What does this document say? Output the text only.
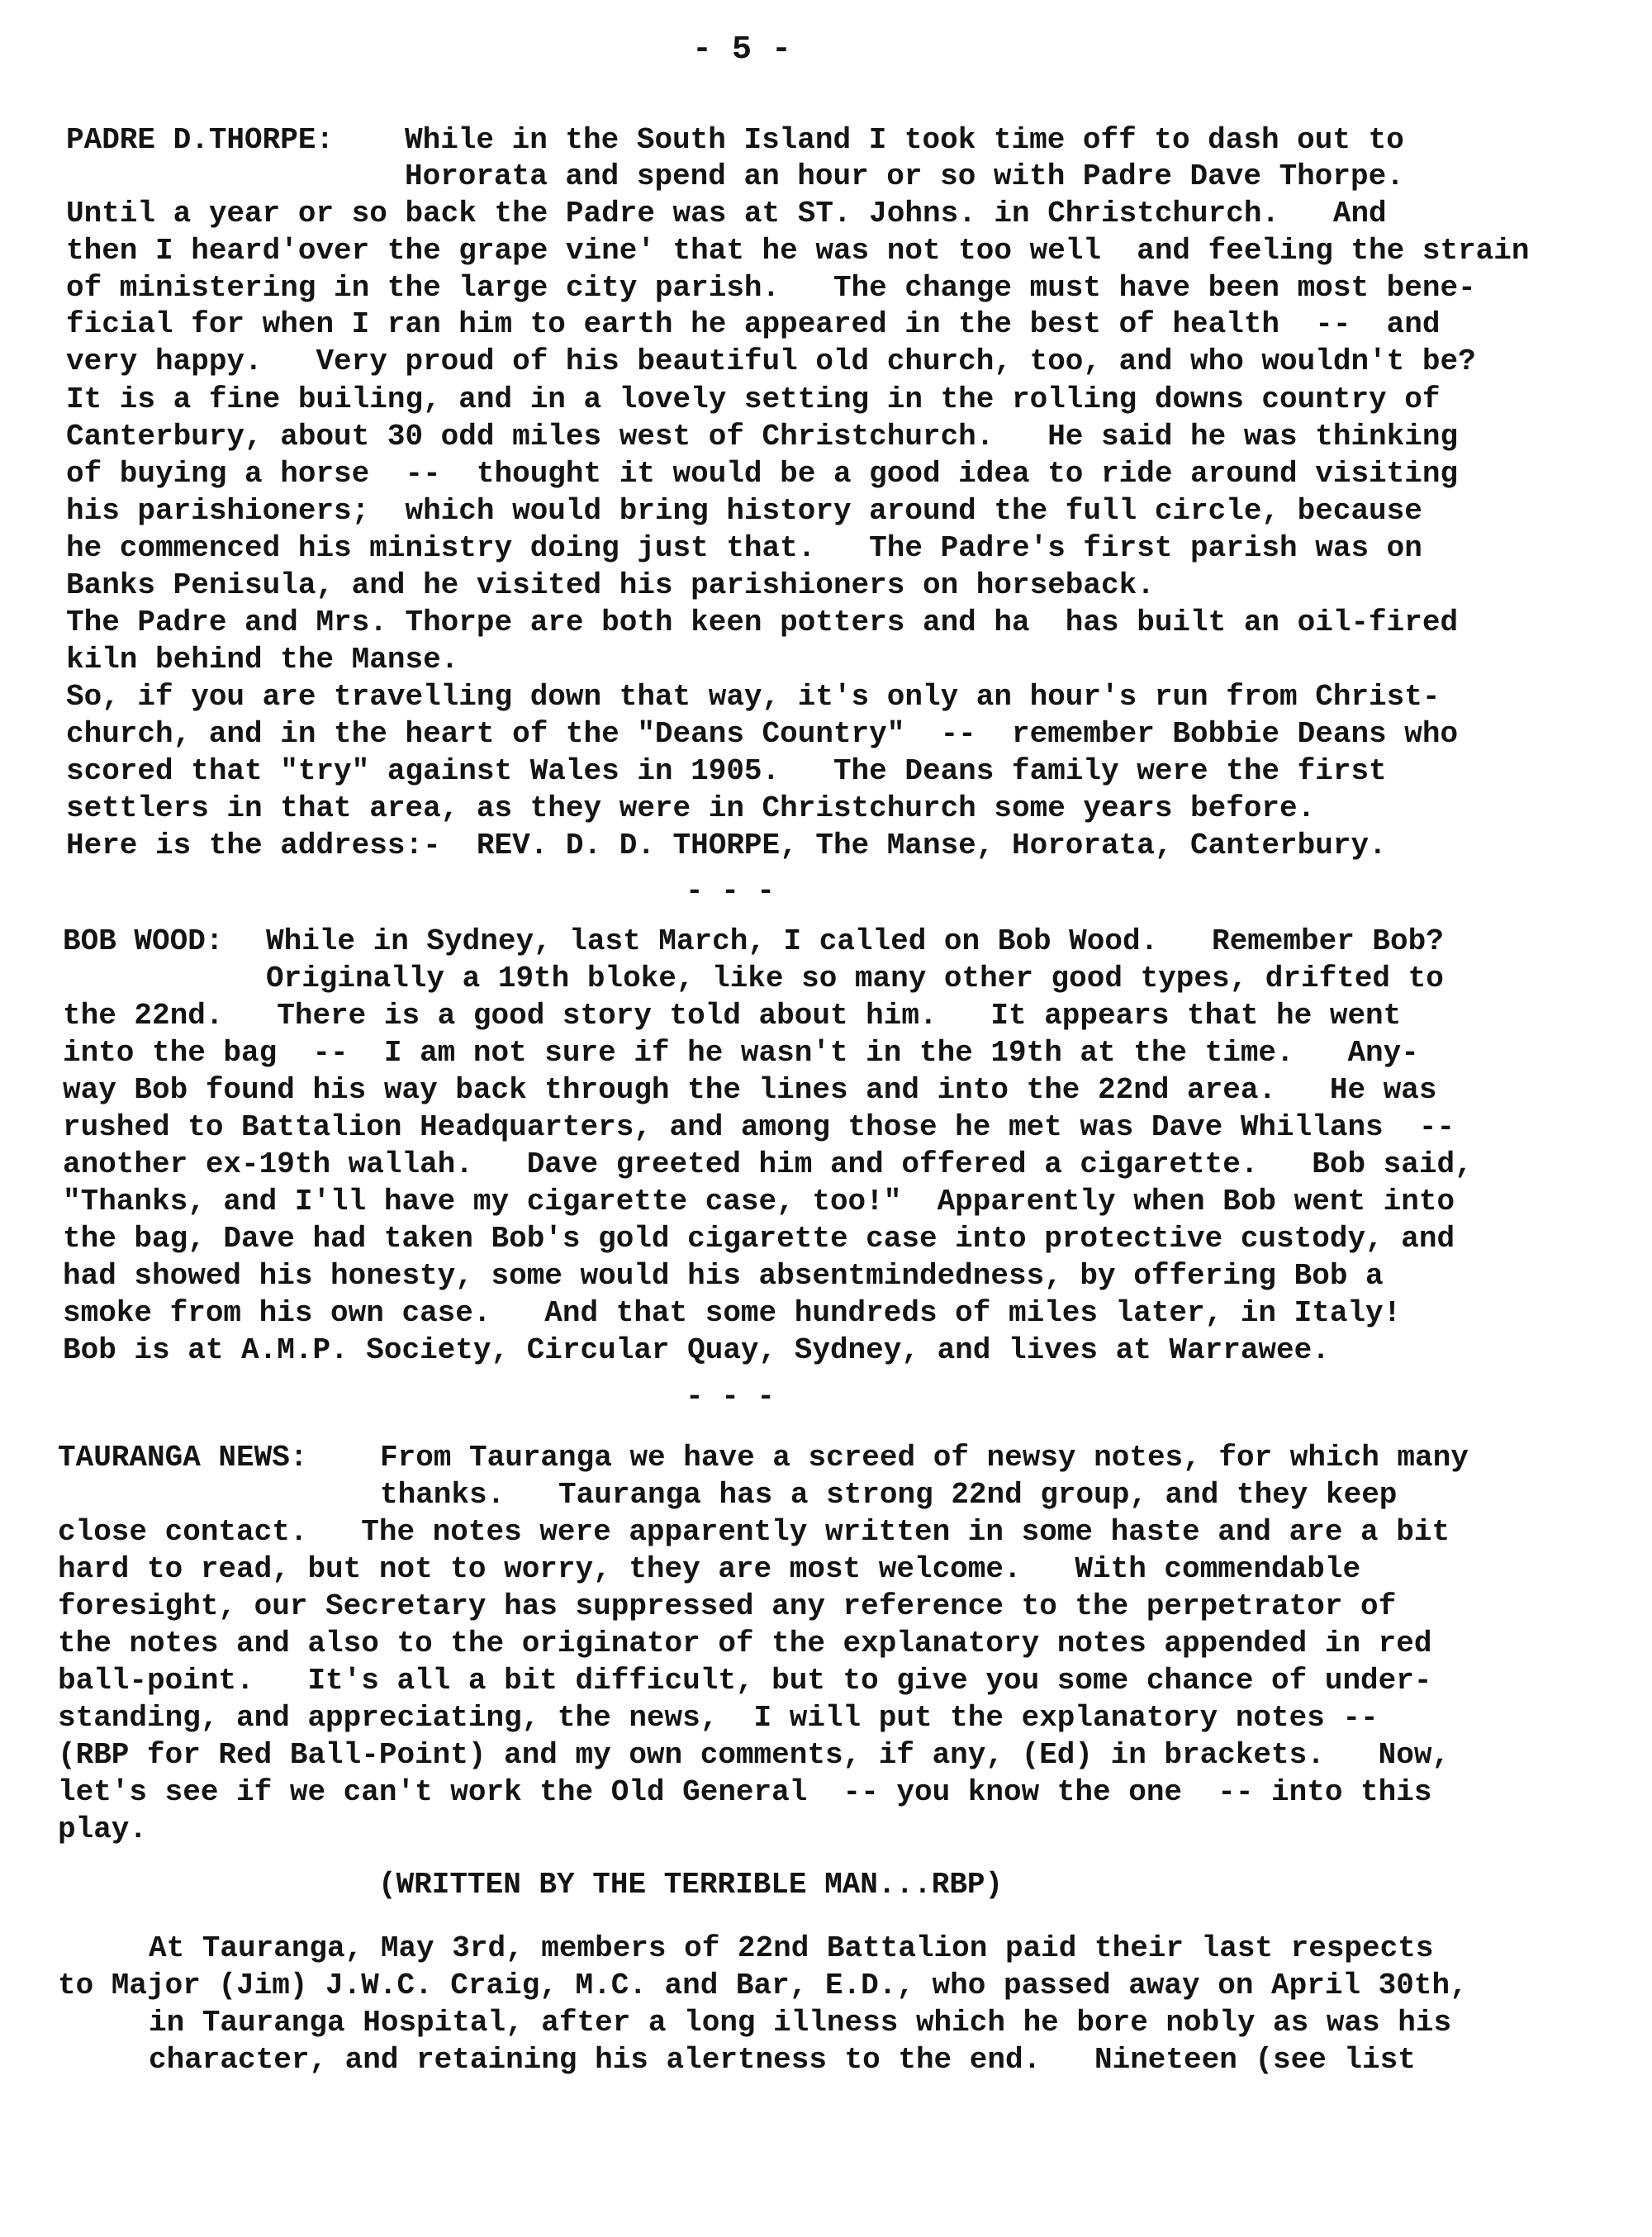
- 5 -
PADRE D.THORPE: While in the South Island I took time off to dash out to
Hororata and spend an hour or so with Padre Dave Thorpe.
Until a year or so back the Padre was at ST. Johns. in Christchurch.   And
then I heard'over the grape vine' that he was not too well  and feeling the strain
of ministering in the large city parish.   The change must have been most bene-
ficial for when I ran him to earth he appeared in the best of health  --  and
very happy.   Very proud of his beautiful old church, too, and who wouldn't be?
It is a fine builing, and in a lovely setting in the rolling downs country of
Canterbury, about 30 odd miles west of Christchurch.   He said he was thinking
of buying a horse  --  thought it would be a good idea to ride around visiting
his parishioners;  which would bring history around the full circle, because
he commenced his ministry doing just that.   The Padre's first parish was on
Banks Penisula, and he visited his parishioners on horseback.
The Padre and Mrs. Thorpe are both keen potters and ha  has built an oil-fired
kiln behind the Manse.
So, if you are travelling down that way, it's only an hour's run from Christ-
church, and in the heart of the "Deans Country"  --  remember Bobbie Deans who
scored that "try" against Wales in 1905.   The Deans family were the first
settlers in that area, as they were in Christchurch some years before.
Here is the address:-  REV. D. D. THORPE, The Manse, Hororata, Canterbury.
- - -
BOB WOOD: While in Sydney, last March, I called on Bob Wood.   Remember Bob?
Originally a 19th bloke, like so many other good types, drifted to
the 22nd.   There is a good story told about him.   It appears that he went
into the bag  --  I am not sure if he wasn't in the 19th at the time.   Any-
way Bob found his way back through the lines and into the 22nd area.   He was
rushed to Battalion Headquarters, and among those he met was Dave Whillans  --
another ex-19th wallah.   Dave greeted him and offered a cigarette.   Bob said,
"Thanks, and I'll have my cigarette case, too!"  Apparently when Bob went into
the bag, Dave had taken Bob's gold cigarette case into protective custody, and
had showed his honesty, some would his absentmindedness, by offering Bob a
smoke from his own case.   And that some hundreds of miles later, in Italy!
Bob is at A.M.P. Society, Circular Quay, Sydney, and lives at Warrawee.
- - -
TAURANGA NEWS: From Tauranga we have a screed of newsy notes, for which many
thanks.   Tauranga has a strong 22nd group, and they keep
close contact.   The notes were apparently written in some haste and are a bit
hard to read, but not to worry, they are most welcome.   With commendable
foresight, our Secretary has suppressed any reference to the perpetrator of
the notes and also to the originator of the explanatory notes appended in red
ball-point.   It's all a bit difficult, but to give you some chance of under-
standing, and appreciating, the news,  I will put the explanatory notes --
(RBP for Red Ball-Point) and my own comments, if any, (Ed) in brackets.   Now,
let's see if we can't work the Old General  -- you know the one  -- into this
play.
(WRITTEN BY THE TERRIBLE MAN...RBP)
At Tauranga, May 3rd, members of 22nd Battalion paid their last respects
to Major (Jim) J.W.C. Craig, M.C. and Bar, E.D., who passed away on April 30th,
in Tauranga Hospital, after a long illness which he bore nobly as was his
character, and retaining his alertness to the end.   Nineteen (see list
